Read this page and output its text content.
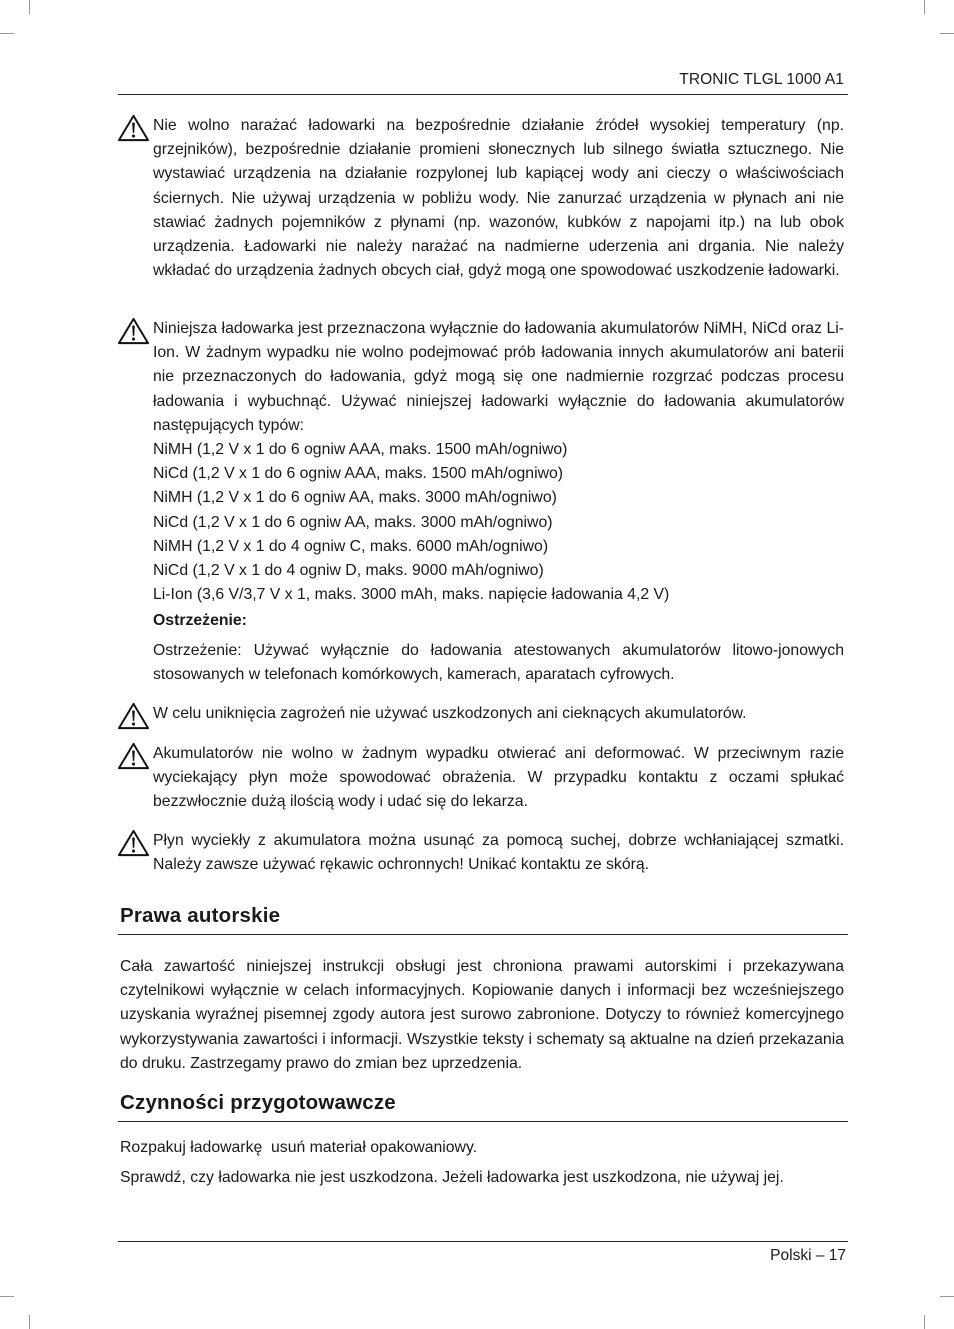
TRONIC TLGL 1000 A1

Nie wolno narażać ładowarki na bezpośrednie działanie źródeł wysokiej temperatury (np. grzejników), bezpośrednie działanie promieni słonecznych lub silnego światła sztucznego. Nie wystawiać urządzenia na działanie rozpylonej lub kapiącej wody ani cieczy o właściwościach ściernych. Nie używaj urządzenia w pobliżu wody. Nie zanurzać urządzenia w płynach ani nie stawiać żadnych pojemników z płynami (np. wazonów, kubków z napojami itp.) na lub obok urządzenia. Ładowarki nie należy narażać na nadmierne uderzenia ani drgania. Nie należy wkładać do urządzenia żadnych obcych ciał, gdyż mogą one spowodować uszkodzenie ładowarki.

Niniejsza ładowarka jest przeznaczona wyłącznie do ładowania akumulatorów NiMH, NiCd oraz Li-Ion. W żadnym wypadku nie wolno podejmować prób ładowania innych akumulatorów ani baterii nie przeznaczonych do ładowania, gdyż mogą się one nadmiernie rozgrzać podczas procesu ładowania i wybuchnąć. Używać niniejszej ładowarki wyłącznie do ładowania akumulatorów następujących typów:

NiMH (1,2 V x 1 do 6 ogniw AAA, maks. 1500 mAh/ogniwo)
NiCd (1,2 V x 1 do 6 ogniw AAA, maks. 1500 mAh/ogniwo)
NiMH (1,2 V x 1 do 6 ogniw AA, maks. 3000 mAh/ogniwo)
NiCd (1,2 V x 1 do 6 ogniw AA, maks. 3000 mAh/ogniwo)
NiMH (1,2 V x 1 do 4 ogniw C, maks. 6000 mAh/ogniwo)
NiCd (1,2 V x 1 do 4 ogniw D, maks. 9000 mAh/ogniwo)
Li-Ion (3,6 V/3,7 V x 1, maks. 3000 mAh, maks. napięcie ładowania 4,2 V)
Ostrzeżenie:

Ostrzeżenie: Używać wyłącznie do ładowania atestowanych akumulatorów litowo-jonowych stosowanych w telefonach komórkowych, kamerach, aparatach cyfrowych.

W celu uniknięcia zagrożeń nie używać uszkodzonych ani cieknących akumulatorów.

Akumulatorów nie wolno w żadnym wypadku otwierać ani deformować. W przeciwnym razie wyciekający płyn może spowodować obrażenia. W przypadku kontaktu z oczami spłukać bezzwłocznie dużą ilością wody i udać się do lekarza.

Płyn wyciekły z akumulatora można usunąć za pomocą suchej, dobrze wchłaniającej szmatki. Należy zawsze używać rękawic ochronnych! Unikać kontaktu ze skórą.

Prawa autorskie

Cała zawartość niniejszej instrukcji obsługi jest chroniona prawami autorskimi i przekazywana czytelnikowi wyłącznie w celach informacyjnych. Kopiowanie danych i informacji bez wcześniejszego uzyskania wyraźnej pisemnej zgody autora jest surowo zabronione. Dotyczy to również komercyjnego wykorzystywania zawartości i informacji. Wszystkie teksty i schematy są aktualne na dzień przekazania do druku. Zastrzegamy prawo do zmian bez uprzedzenia.

Czynności przygotowawcze

Rozpakuj ładowarkę  usuń materiał opakowaniowy.

Sprawdź, czy ładowarka nie jest uszkodzona. Jeżeli ładowarka jest uszkodzona, nie używaj jej.

Polski – 17
